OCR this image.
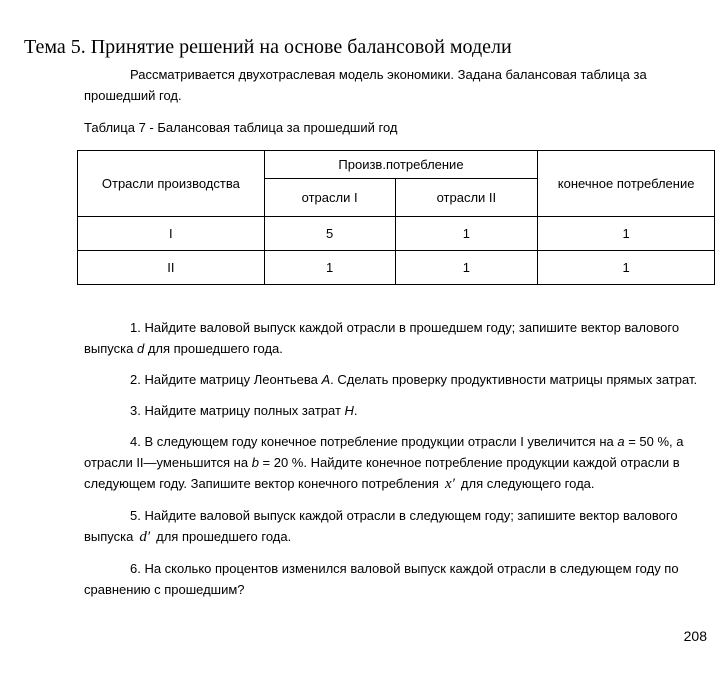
Тема 5. Принятие решений на основе балансовой модели
Рассматривается двухотраслевая модель экономики. Задана балансовая таблица за прошедший год.
Таблица 7 - Балансовая таблица за прошедший год
Отрасли производства	Произв.потребление		конечное потребление
	отрасли I	отрасли II	
I	5	1	1
II	1	1	1

1. Найдите валовой выпуск каждой отрасли в прошедшем году; запишите вектор валового выпуска d для прошедшего года.

2. Найдите матрицу Леонтьева A. Сделать проверку продуктивности матрицы прямых затрат.

3. Найдите матрицу полных затрат H.

4. В следующем году конечное потребление продукции отрасли I увеличится на a = 50 %, а отрасли II—уменьшится на b = 20 %. Найдите конечное потребление продукции каждой отрасли в следующем году. Запишите вектор конечного потребления x′ для следующего года.

5. Найдите валовой выпуск каждой отрасли в следующем году; запишите вектор валового выпуска d′ для прошедшего года.

6. На сколько процентов изменился валовой выпуск каждой отрасли в следующем году по сравнению с прошедшим?

208
